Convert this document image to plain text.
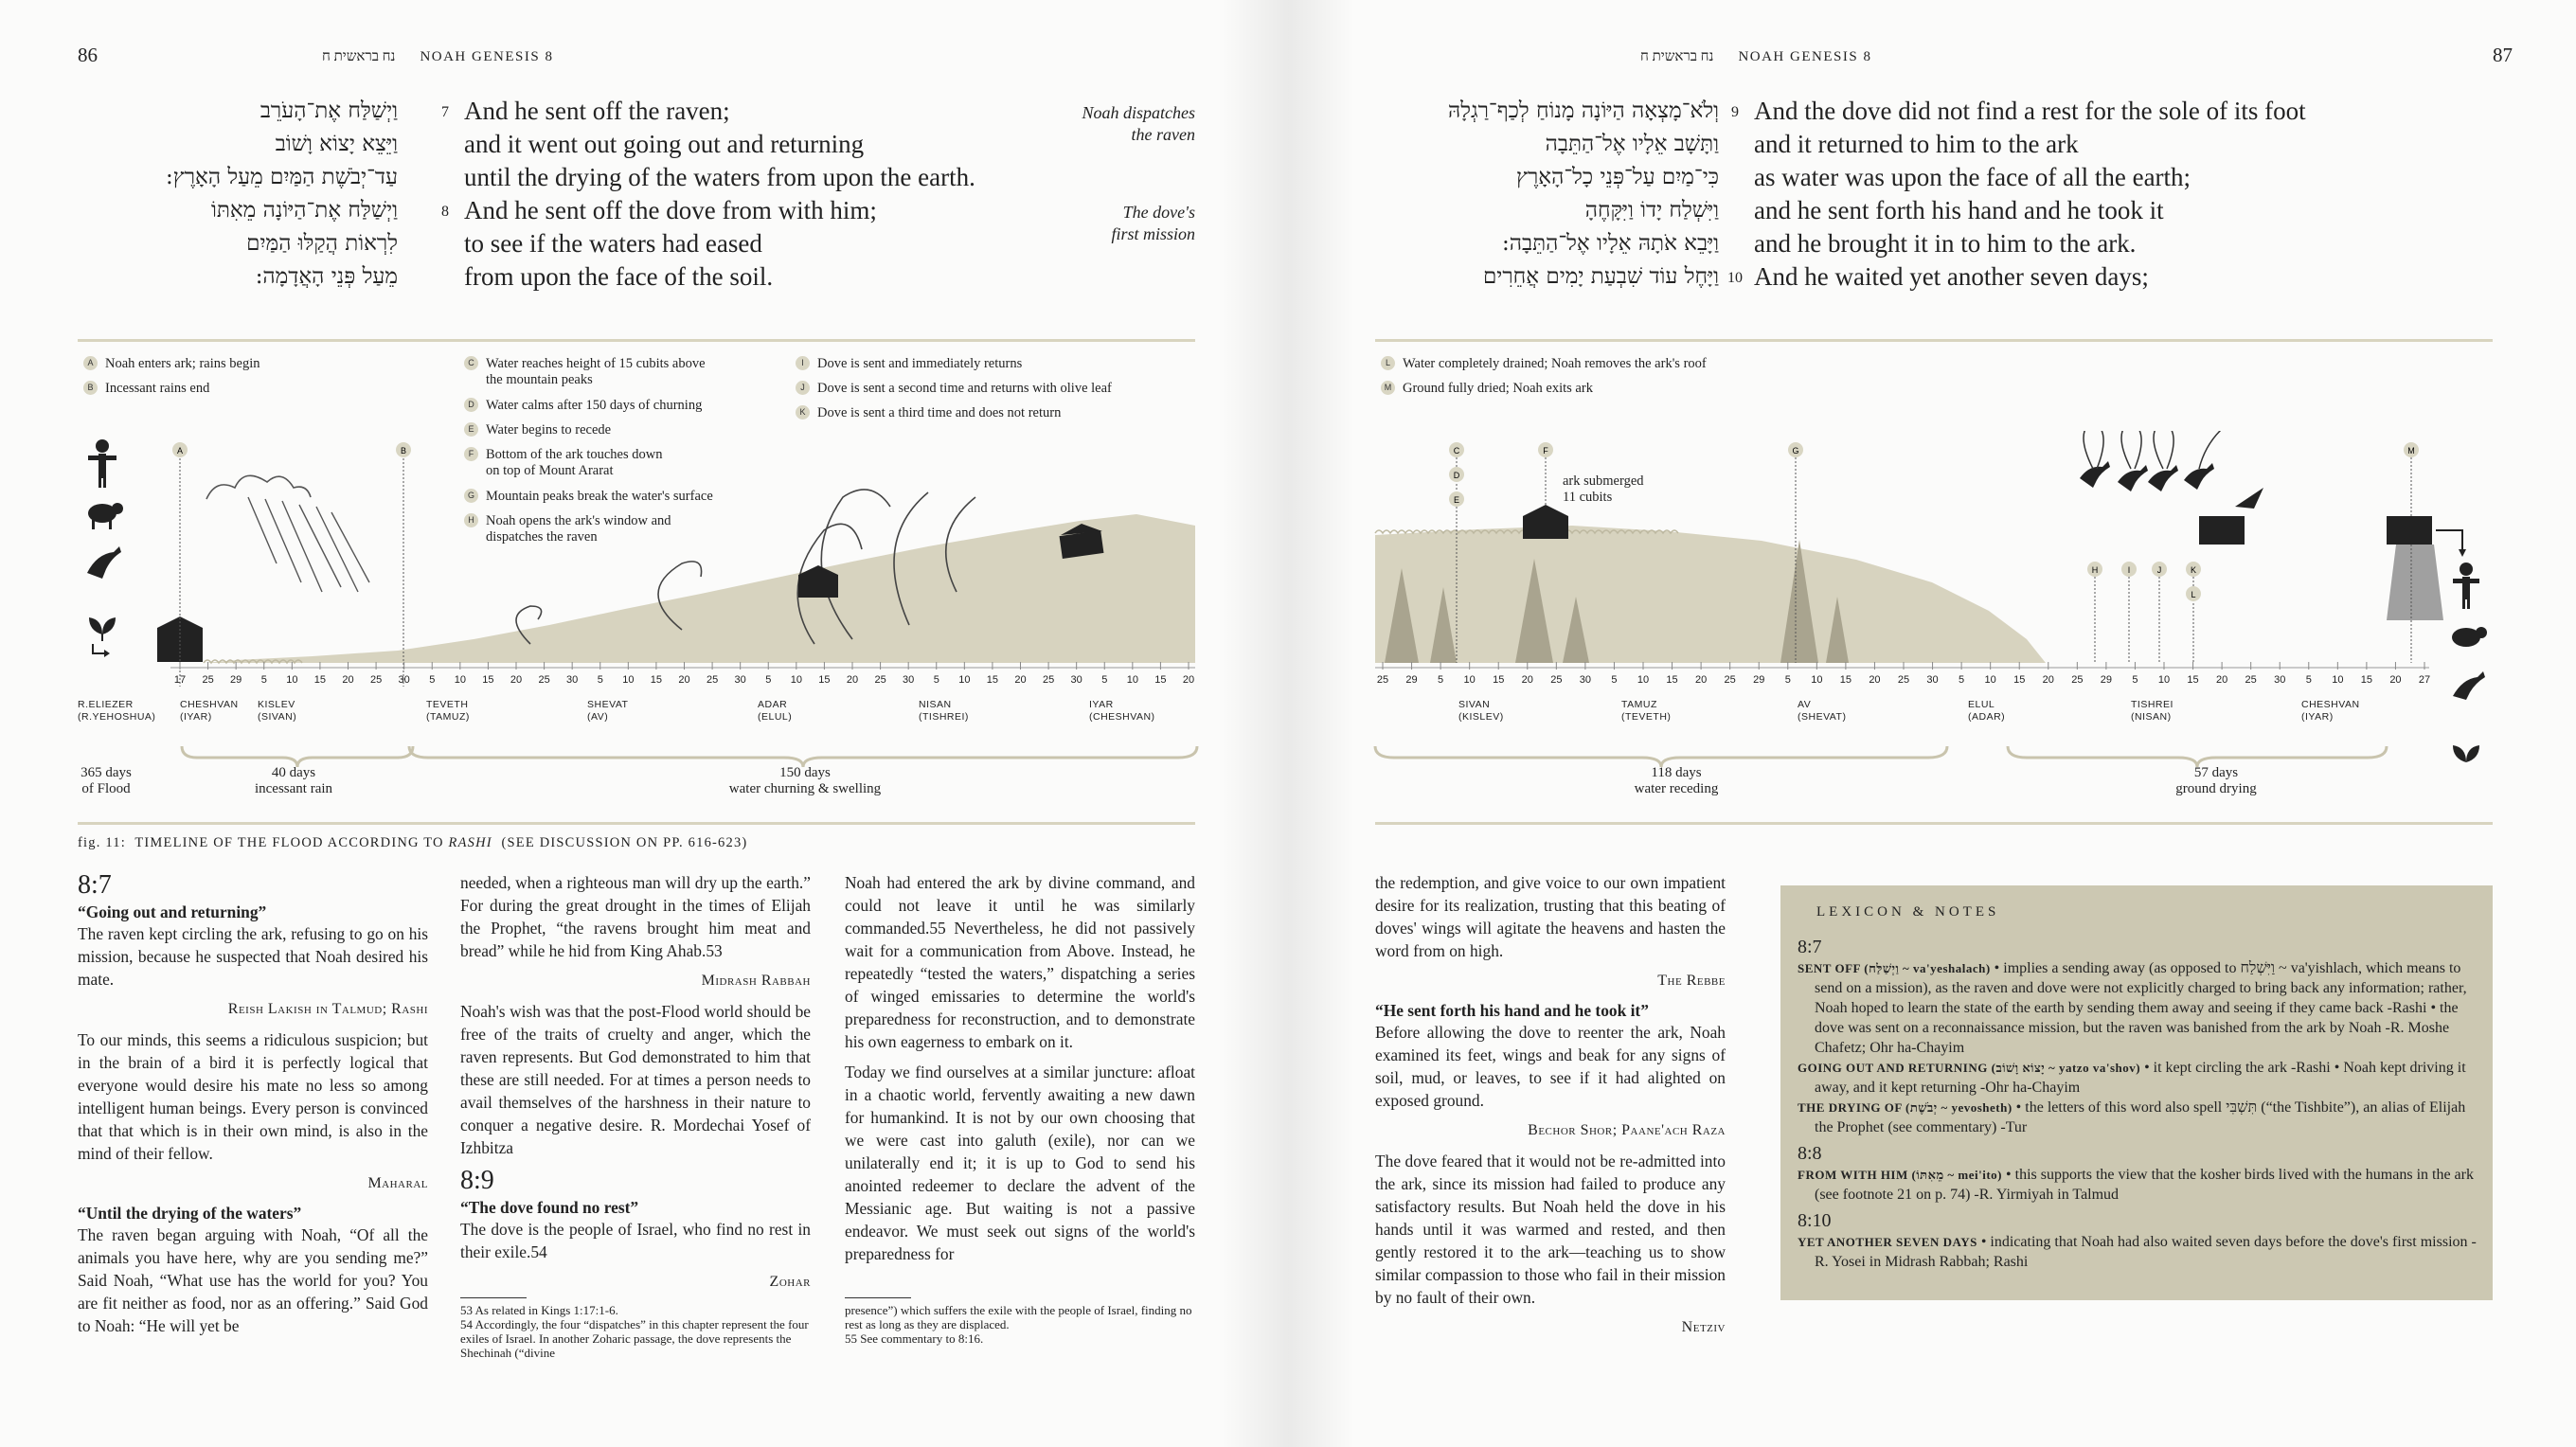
86	נח בראשית ח NOAH GENESIS 8
וַיְשַׁלַּח אֶת־הָעֹרֵב
וַיֵּצֵא יָצוֹא וָשׁוֹב
עַד־יְבֹשֶׁת הַמַּיִם מֵעַל הָאָרֶץ:
וַיְשַׁלַּח אֶת־הַיּוֹנָה מֵאִתּוֹ
לִרְאוֹת הֲקַלּוּ הַמַּיִם
מֵעַל פְּנֵי הָאֲדָמָה:
7
8
And he sent off the raven;
and it went out going out and returning
until the drying of the waters from upon the earth.
And he sent off the dove from with him;
to see if the waters had eased
from upon the face of the soil.
Noah dispatches
the raven
The dove's
first mission
A Noah enters ark; rains begin
B Incessant rains end
C Water reaches height of 15 cubits above
the mountain peaks
D Water calms after 150 days of churning
E Water begins to recede
F Bottom of the ark touches down
on top of Mount Ararat
G Mountain peaks break the water's surface
H Noah opens the ark's window and
dispatches the raven
I Dove is sent and immediately returns
J Dove is sent a second time and returns with olive leaf
K Dove is sent a third time and does not return
A	B
17 25 29	5	10 15 20 25 30	5	10 15 20 25 30	5	10 15 20 25 30	5	10 15 20 25 30	5	10 15 20 25 30	5	10 15 20
R.ELIEZER
(R.YEHOSHUA)
CHESHVAN
(IYAR)
KISLEV
(SIVAN)
TEVETH
(TAMUZ)
SHEVAT
(AV)
ADAR
(ELUL)
NISAN
(TISHREI)
IYAR
(CHESHVAN)
365 days
of Flood
40 days
incessant rain
150 days
water churning & swelling
fig. 11: TIMELINE OF THE FLOOD ACCORDING TO RASHI (SEE DISCUSSION ON PP. 616-623)

8:7

“Going out and returning”

The raven kept circling the ark, refusing to go on his mission, because he suspected that Noah desired his mate.

Reish Lakish in Talmud; Rashi

To our minds, this seems a ridiculous suspicion; but in the brain of a bird it is perfectly logical that everyone would desire his mate no less so among intelligent human beings. Every person is convinced that that which is in their own mind, is also in the mind of their fellow.

Maharal

“Until the drying of the waters”

The raven began arguing with Noah, “Of all the animals you have here, why are you sending me?” Said Noah, “What use has the world for you? You are fit neither as food, nor as an offering.” Said God to Noah: “He will yet be

needed, when a righteous man will dry up the earth.” For during the great drought in the times of Elijah the Prophet, “the ravens brought him meat and bread” while he hid from King Ahab.53

Midrash Rabbah

Noah's wish was that the post-Flood world should be free of the traits of cruelty and anger, which the raven represents. But God demonstrated to him that these are still needed. For at times a person needs to avail themselves of the harshness in their nature to conquer a negative desire. R. Mordechai Yosef of Izhbitza

8:9

“The dove found no rest”

The dove is the people of Israel, who find no rest in their exile.54

Zohar

Noah had entered the ark by divine command, and could not leave it until he was similarly commanded.55 Nevertheless, he did not passively wait for a communication from Above. Instead, he repeatedly “tested the waters,” dispatching a series of winged emissaries to determine the world's preparedness for reconstruction, and to demonstrate his own eagerness to embark on it.

Today we find ourselves at a similar juncture: afloat in a chaotic world, fervently awaiting a new dawn for humankind. It is not by our own choosing that we were cast into galuth (exile), nor can we unilaterally end it; it is up to God to send his anointed redeemer to declare the advent of the Messianic age. But waiting is not a passive endeavor. We must seek out signs of the world's preparedness for

53 As related in Kings 1:17:1-6.
54 Accordingly, the four “dispatches” in this chapter represent the four exiles of Israel. In another Zoharic passage, the dove represents the Shechinah (“divine
presence”) which suffers the exile with the people of Israel, finding no rest as long as they are displaced.
55 See commentary to 8:16.
87
נח בראשית ח NOAH GENESIS 8
וְלֹא־מָצְאָה הַיּוֹנָה מָנוֹחַ לְכַף־רַגְלָהּ
וַתָּשָׁב אֵלָיו אֶל־הַתֵּבָה
כִּי־מַיִם עַל־פְּנֵי כָל־הָאָרֶץ
וַיִּשְׁלַח יָדוֹ וַיִּקָּחֶהָ
וַיָּבֵא אֹתָהּ אֵלָיו אֶל־הַתֵּבָה:
וַיָּחֶל עוֹד שִׁבְעַת יָמִים אֲחֵרִים
9
10
And the dove did not find a rest for the sole of its foot
and it returned to him to the ark
as water was upon the face of all the earth;
and he sent forth his hand and he took it
and he brought it in to him to the ark.
And he waited yet another seven days;
L Water completely drained; Noah removes the ark's roof
M Ground fully dried; Noah exits ark
ark submerged
11 cubits
C
D
E
F	G
H	I	J	K
L
M
25 29	5	10 15 20 25 30	5	10 15 20 25 29	5	10 15 20 25 30	5	10 15 20 25 29	5	10 15 20 25 30	5	10 15 20 27
SIVAN
(KISLEV)
TAMUZ
(TEVETH)
AV
(SHEVAT)
ELUL
(ADAR)
TISHREI
(NISAN)
CHESHVAN
(IYAR)
118 days
water receding
57 days
ground drying

the redemption, and give voice to our own impatient desire for its realization, trusting that this beating of doves' wings will agitate the heavens and hasten the word from on high.

The Rebbe

“He sent forth his hand and he took it”

Before allowing the dove to reenter the ark, Noah examined its feet, wings and beak for any signs of soil, mud, or leaves, to see if it had alighted on exposed ground.

Bechor Shor; Paane'ach Raza

The dove feared that it would not be re-admitted into the ark, since its mission had failed to produce any satisfactory results. But Noah held the dove in his hands until it was warmed and rested, and then gently restored it to the ark—teaching us to show similar compassion to those who fail in their mission by no fault of their own.

Netziv

LEXICON & NOTES
8:7

SENT OFF (וַיְשַׁלַּח ~ va'yeshalach) • implies a sending away (as opposed to וַיִּשְׁלַח ~ va'yishlach, which means to send on a mission), as the raven and dove were not explicitly charged to bring back any information; rather, Noah hoped to learn the state of the earth by sending them away and seeing if they came back -Rashi • the dove was sent on a reconnaissance mission, but the raven was banished from the ark by Noah -R. Moshe Chafetz; Ohr ha-Chayim

GOING OUT AND RETURNING (יָצוֹא וָשׁוֹב ~ yatzo va'shov) • it kept circling the ark -Rashi • Noah kept driving it away, and it kept returning -Ohr ha-Chayim

THE DRYING OF (יְבֹשֶׁת ~ yevosheth) • the letters of this word also spell תִּשְׁבִּי (“the Tishbite”), an alias of Elijah the Prophet (see commentary) -Tur

8:8

FROM WITH HIM (מֵאִתּוֹ ~ mei'ito) • this supports the view that the kosher birds lived with the humans in the ark (see footnote 21 on p. 74) -R. Yirmiyah in Talmud

8:10

YET ANOTHER SEVEN DAYS • indicating that Noah had also waited seven days before the dove's first mission -R. Yosei in Midrash Rabbah; Rashi
